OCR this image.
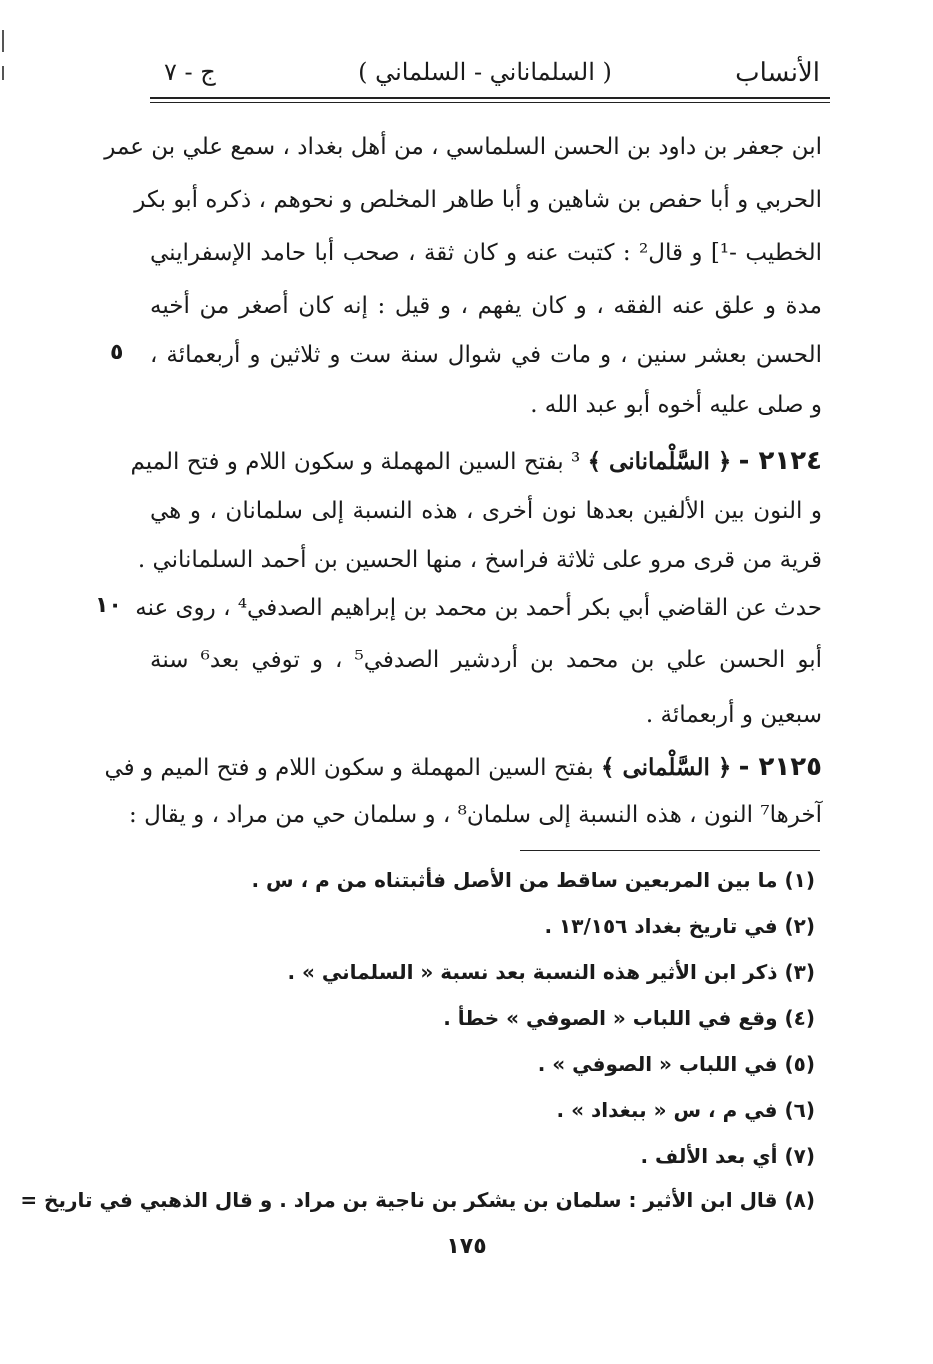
الأنساب
( السلماناني - السلماني )
ج - ٧
ابن جعفر بن داود بن الحسن السلماسي ، من أهل بغداد ، سمع علي بن عمر
الحربي و أبا حفص بن شاهين و أبا طاهر المخلص و نحوهم ، ذكره أبو بكر
الخطيب -¹] و قال² : كتبت عنه و كان ثقة ، صحب أبا حامد الإسفرايني
مدة و علق عنه الفقه ، و كان يفهم ، و قيل : إنه كان أصغر من أخيه
الحسن بعشر سنين ، و مات في شوال سنة ست و ثلاثين و أربعمائة ،
و صلى عليه أخوه أبو عبد الله .
٥
٢١٢٤ - ﴿ السَّلْمانانی ﴾ ³ بفتح السين المهملة و سكون اللام و فتح الميم
و النون بين الألفين بعدها نون أخرى ، هذه النسبة إلى سلمانان ، و هي
قرية من قرى مرو على ثلاثة فراسخ ، منها الحسين بن أحمد السلماناني .
حدث عن القاضي أبي بكر أحمد بن محمد بن إبراهيم الصدفي⁴ ، روى عنه
أبو الحسن علي بن محمد بن أردشير الصدفي⁵ ، و توفي بعد⁶ سنة
سبعين و أربعمائة .
١٠
٢١٢٥ - ﴿ السَّلْمانی ﴾ بفتح السين المهملة و سكون اللام و فتح الميم و في
آخرها⁷ النون ، هذه النسبة إلى سلمان⁸ ، و سلمان حي من مراد ، و يقال :
(١) ما بين المربعين ساقط من الأصل فأثبتناه من م ، س .
(٢) في تاريخ بغداد ١٣/١٥٦ .
(٣) ذكر ابن الأثير هذه النسبة بعد نسبة « السلماني » .
(٤) وقع في اللباب « الصوفي » خطأ .
(٥) في اللباب « الصوفي » .
(٦) في م ، س « ببغداد » .
(٧) أي بعد الألف .
(٨) قال ابن الأثير : سلمان بن يشكر بن ناجية بن مراد . و قال الذهبي في تاريخ =
١٧٥
